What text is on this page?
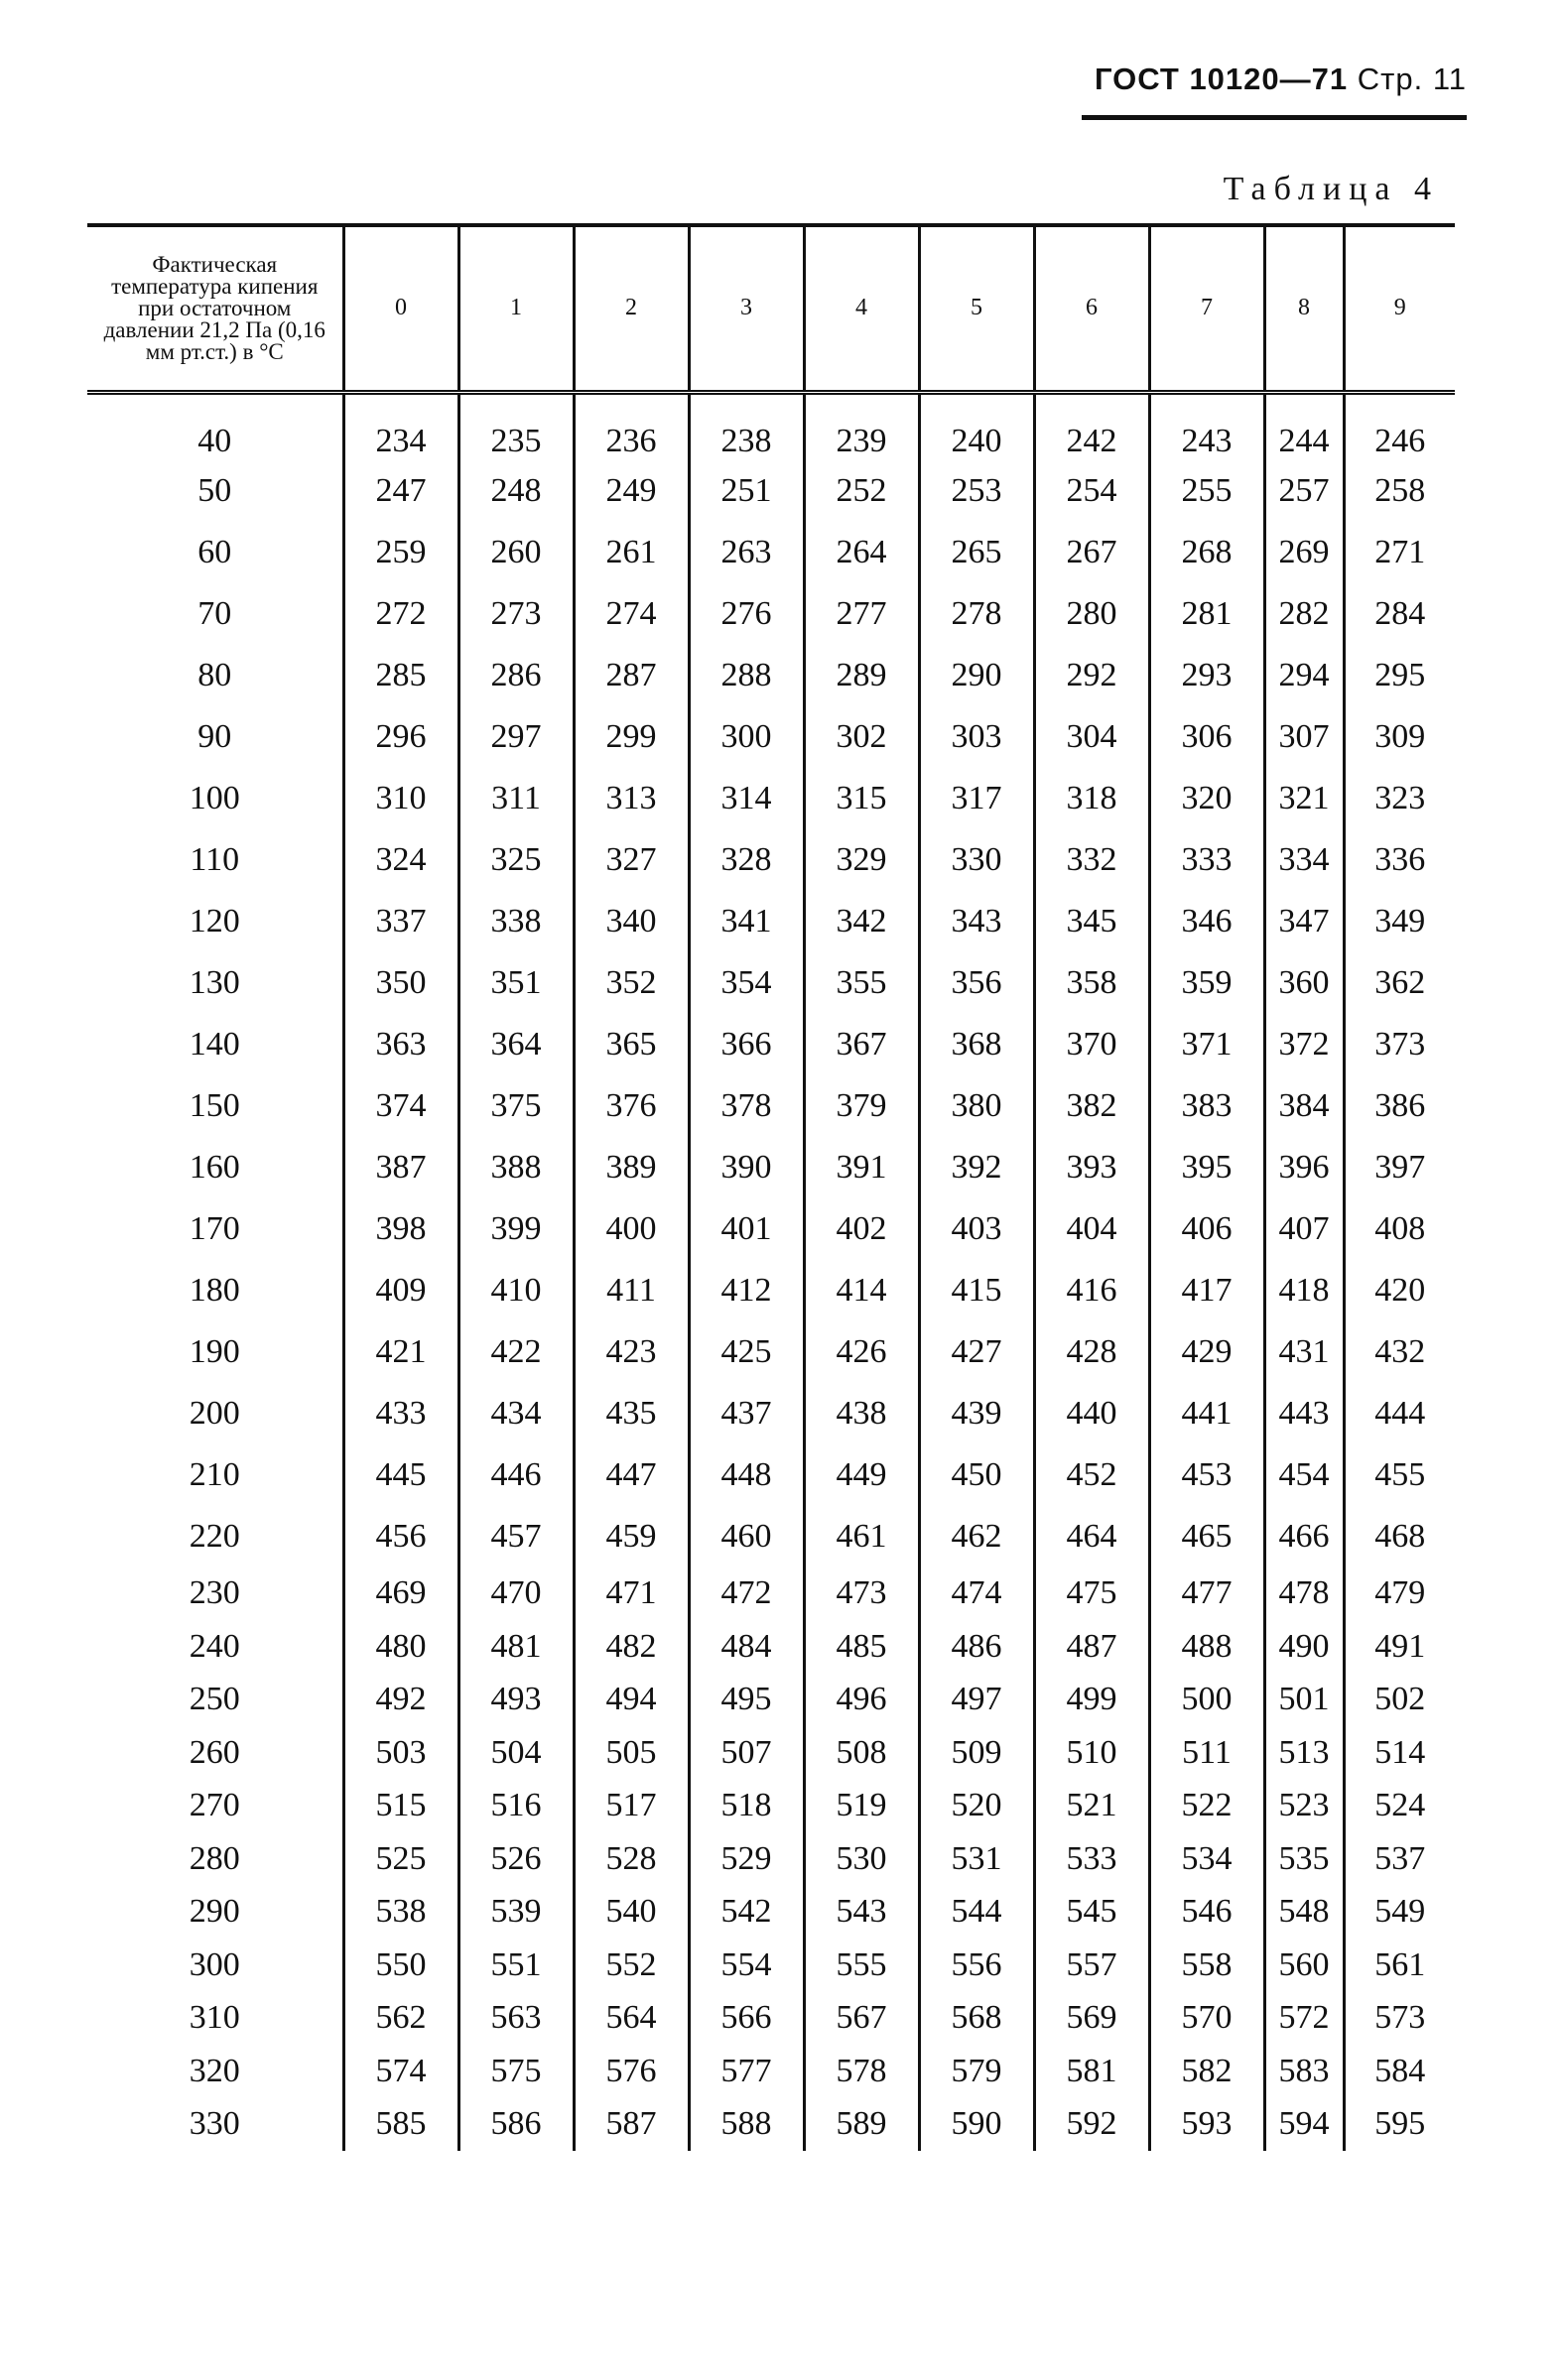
ГОСТ 10120—71 Стр. 11
Таблица 4
Фактическая температура кипения при остаточном давлении 21,2 Па (0,16 мм рт.ст.) в °С	0	1	2	3	4	5	6	7	8	9
40	234	235	236	238	239	240	242	243	244	246
50	247	248	249	251	252	253	254	255	257	258
60	259	260	261	263	264	265	267	268	269	271
70	272	273	274	276	277	278	280	281	282	284
80	285	286	287	288	289	290	292	293	294	295
90	296	297	299	300	302	303	304	306	307	309
100	310	311	313	314	315	317	318	320	321	323
110	324	325	327	328	329	330	332	333	334	336
120	337	338	340	341	342	343	345	346	347	349
130	350	351	352	354	355	356	358	359	360	362
140	363	364	365	366	367	368	370	371	372	373
150	374	375	376	378	379	380	382	383	384	386
160	387	388	389	390	391	392	393	395	396	397
170	398	399	400	401	402	403	404	406	407	408
180	409	410	411	412	414	415	416	417	418	420
190	421	422	423	425	426	427	428	429	431	432
200	433	434	435	437	438	439	440	441	443	444
210	445	446	447	448	449	450	452	453	454	455
220	456	457	459	460	461	462	464	465	466	468
230	469	470	471	472	473	474	475	477	478	479
240	480	481	482	484	485	486	487	488	490	491
250	492	493	494	495	496	497	499	500	501	502
260	503	504	505	507	508	509	510	511	513	514
270	515	516	517	518	519	520	521	522	523	524
280	525	526	528	529	530	531	533	534	535	537
290	538	539	540	542	543	544	545	546	548	549
300	550	551	552	554	555	556	557	558	560	561
310	562	563	564	566	567	568	569	570	572	573
320	574	575	576	577	578	579	581	582	583	584
330	585	586	587	588	589	590	592	593	594	595
